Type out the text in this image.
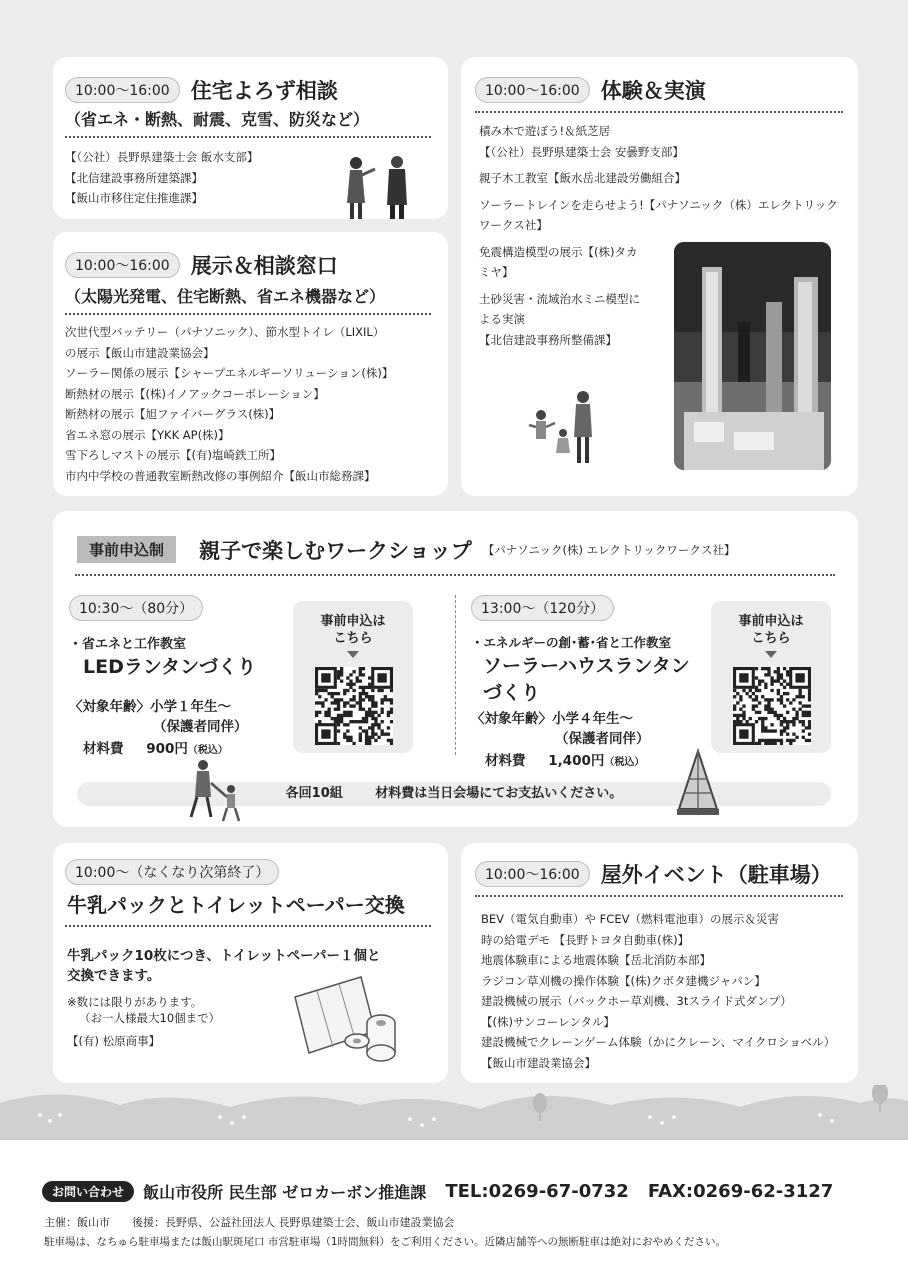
10:00～16:00 住宅よろず相談
（省エネ・断熱、耐震、克雪、防災など）
【（公社）長野県建築士会 飯水支部】
【北信建設事務所建築課】
【飯山市移住定住推進課】
10:00～16:00 展示＆相談窓口
（太陽光発電、住宅断熱、省エネ機器など）
次世代型バッテリー（パナソニック）、節水型トイレ（LIXIL）
の展示【飯山市建設業協会】
ソーラー関係の展示【シャープエネルギーソリューション(株)】
断熱材の展示【(株)イノアックコーポレーション】
断熱材の展示【旭ファイバーグラス(株)】
省エネ窓の展示【YKK AP(株)】
雪下ろしマストの展示【(有)塩崎鉄工所】
市内中学校の普通教室断熱改修の事例紹介【飯山市総務課】
10:00～16:00 体験＆実演
積み木で遊ぼう!＆紙芝居
【（公社）長野県建築士会 安曇野支部】
親子木工教室【飯水岳北建設労働組合】
ソーラートレインを走らせよう!【パナソニック（株）エレクトリック
ワークス社】
免震構造模型の展示【(株)タカ
ミヤ】
土砂災害・流域治水ミニ模型に
よる実演
【北信建設事務所整備課】
事前申込制 親子で楽しむワークショップ 【パナソニック(株) エレクトリックワークス社】
10:30～（80分）
・省エネと工作教室
LEDランタンづくり
〈対象年齢〉小学１年生～
（保護者同伴）
材料費 900円（税込）
事前申込は
こちら
13:00～（120分）
・エネルギーの創･蓄･省と工作教室
ソーラーハウスランタン
づくり
〈対象年齢〉小学４年生～
（保護者同伴）
材料費 1,400円（税込）
事前申込は
こちら
各回10組	材料費は当日会場にてお支払いください。
10:00～（なくなり次第終了）
牛乳パックとトイレットペーパー交換
牛乳パック10枚につき、トイレットペーパー１個と
交換できます。
※数には限りがあります。
（お一人様最大10個まで）
【(有) 松原商事】
10:00～16:00 屋外イベント（駐車場）
BEV（電気自動車）や FCEV（燃料電池車）の展示＆災害
時の給電デモ 【長野トヨタ自動車(株)】
地震体験車による地震体験【岳北消防本部】
ラジコン草刈機の操作体験【(株)クボタ建機ジャパン】
建設機械の展示（バックホー草刈機、3tスライド式ダンプ）
【(株)サンコーレンタル】
建設機械でクレーンゲーム体験（かにクレーン、マイクロショベル）
【飯山市建設業協会】
お問い合わせ 飯山市役所 民生部 ゼロカーボン推進課 TEL:0269-67-0732 FAX:0269-62-3127
主催：飯山市　　後援：長野県、公益社団法人 長野県建築士会、飯山市建設業協会
駐車場は、なちゅら駐車場または飯山駅斑尾口 市営駐車場（1時間無料）をご利用ください。近隣店舗等への無断駐車は絶対におやめください。
